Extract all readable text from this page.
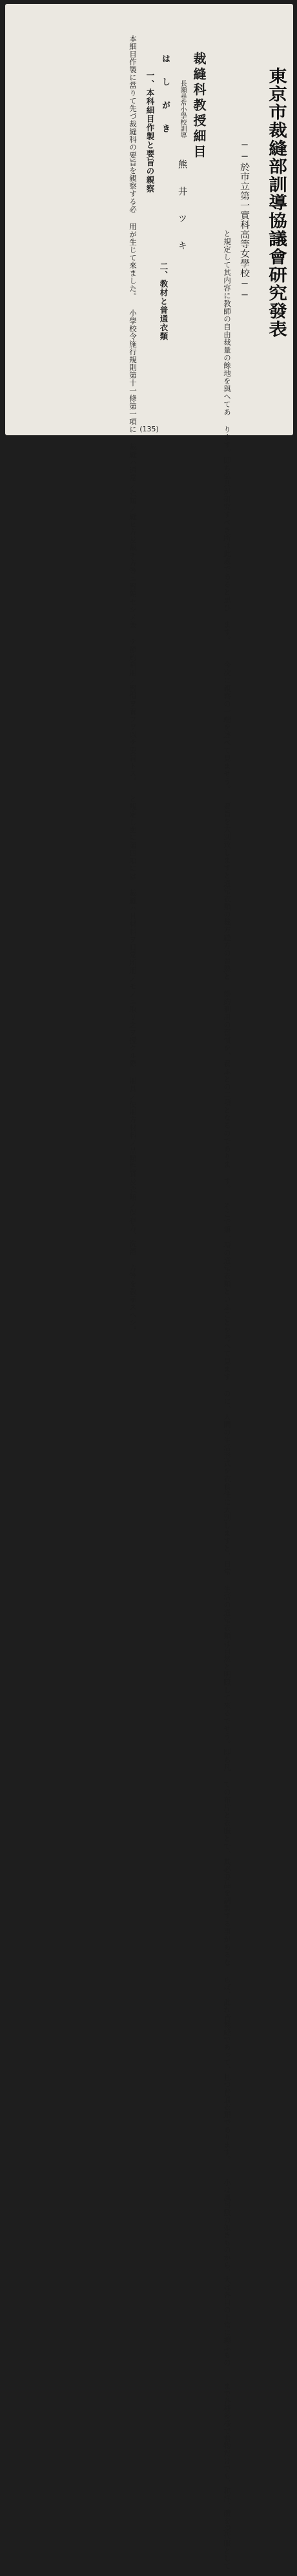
東京市裁縫部訓導協議會研究發表
──於市立第一實科高等女學校──
と規定して其内容に教師の自由裁量の餘地を與へてあ ります。即ち弘共が研究すべき所は此處であると思ひ ます。 今次に親察の一端を述べて見ませう。 要旨を大別致しますと通常衣類の裁方縫方の習熟と 節約利用の習慣を、養ふとの二項となるのでありま す。 そこで第一項の通常衣類といふことを考へて見ます のに、人間の生活形式を衣食住に大別しますと、日常 生活の通常衣類は自然と明瞭して來るでせう。即ち凡 ての布片と衣服とで、其必要品を調製する事があるな らば、此れ皆裁縫であって、且つ普通衣類であります。 小は風呂敷の如きものから、大は各自の上常に纏ふもの まで各種多様で着物だけでも、和洋二體を現代服として
二、教材と普通衣類
裁縫科教授細目
長瀬尋常小學校訓導 熊 井 ツ キ
は し が き
一、本科細目作製と要旨の親察
本細目作製に當りて先づ裁縫科の要旨を親察する必 用が生じて來ました。 小學校令施行規則第十一條第一項に 裁縫ハ通常ノ衣類ノ縫ヒ方及裁チ方等ニ習熟セシメ兼 テ節約利用ノ習慣ヲ養フヲ以テ要旨トス。 と規定し更に第四項には 裁縫ハ其材料ヲ日常所用ノモノニ取リ之ヲ授クル際 用具ノ使用方材料ノ品類性質及衣類ノ保存方、洗濯 方等を教示スヘシ。
(135)
